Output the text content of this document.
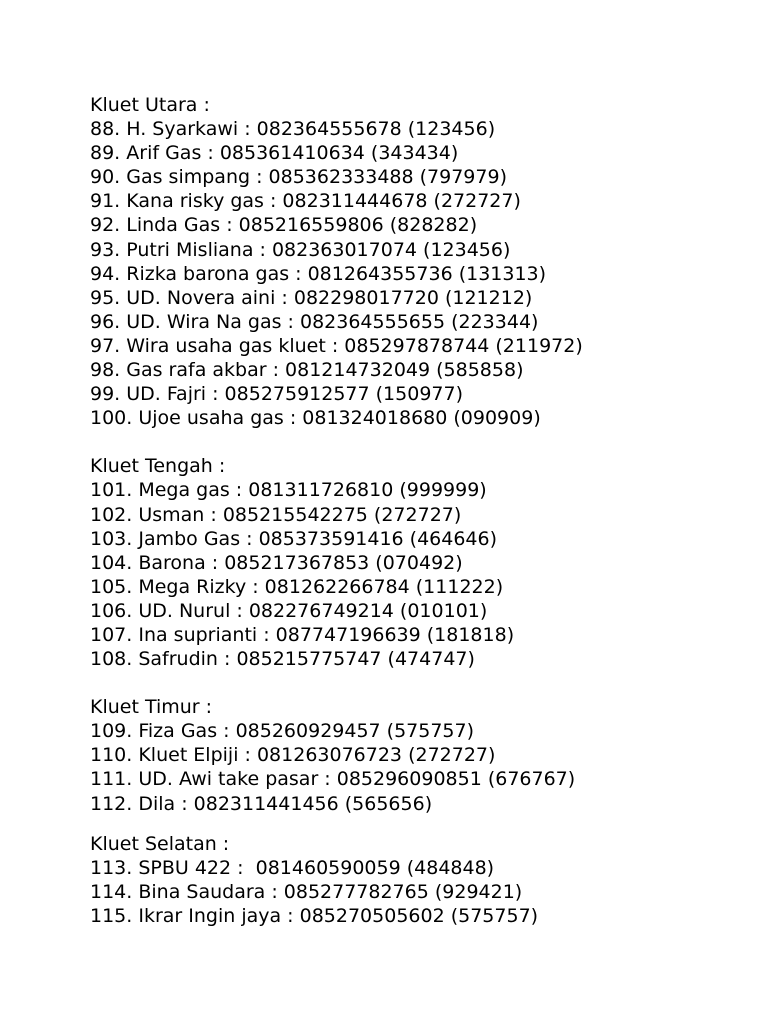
Kluet Utara :
88. H. Syarkawi : 082364555678 (123456)
89. Arif Gas : 085361410634 (343434)
90. Gas simpang : 085362333488 (797979)
91. Kana risky gas : 082311444678 (272727)
92. Linda Gas : 085216559806 (828282)
93. Putri Misliana : 082363017074 (123456)
94. Rizka barona gas : 081264355736 (131313)
95. UD. Novera aini : 082298017720 (121212)
96. UD. Wira Na gas : 082364555655 (223344)
97. Wira usaha gas kluet : 085297878744 (211972)
98. Gas rafa akbar : 081214732049 (585858)
99. UD. Fajri : 085275912577 (150977)
100. Ujoe usaha gas : 081324018680 (090909)
Kluet Tengah :
101. Mega gas : 081311726810 (999999)
102. Usman : 085215542275 (272727)
103. Jambo Gas : 085373591416 (464646)
104. Barona : 085217367853 (070492)
105. Mega Rizky : 081262266784 (111222)
106. UD. Nurul : 082276749214 (010101)
107. Ina suprianti : 087747196639 (181818)
108. Safrudin : 085215775747 (474747)
Kluet Timur :
109. Fiza Gas : 085260929457 (575757)
110. Kluet Elpiji : 081263076723 (272727)
111. UD. Awi take pasar : 085296090851 (676767)
112. Dila : 082311441456 (565656)
Kluet Selatan :
113. SPBU 422 :  081460590059 (484848)
114. Bina Saudara : 085277782765 (929421)
115. Ikrar Ingin jaya : 085270505602 (575757)
